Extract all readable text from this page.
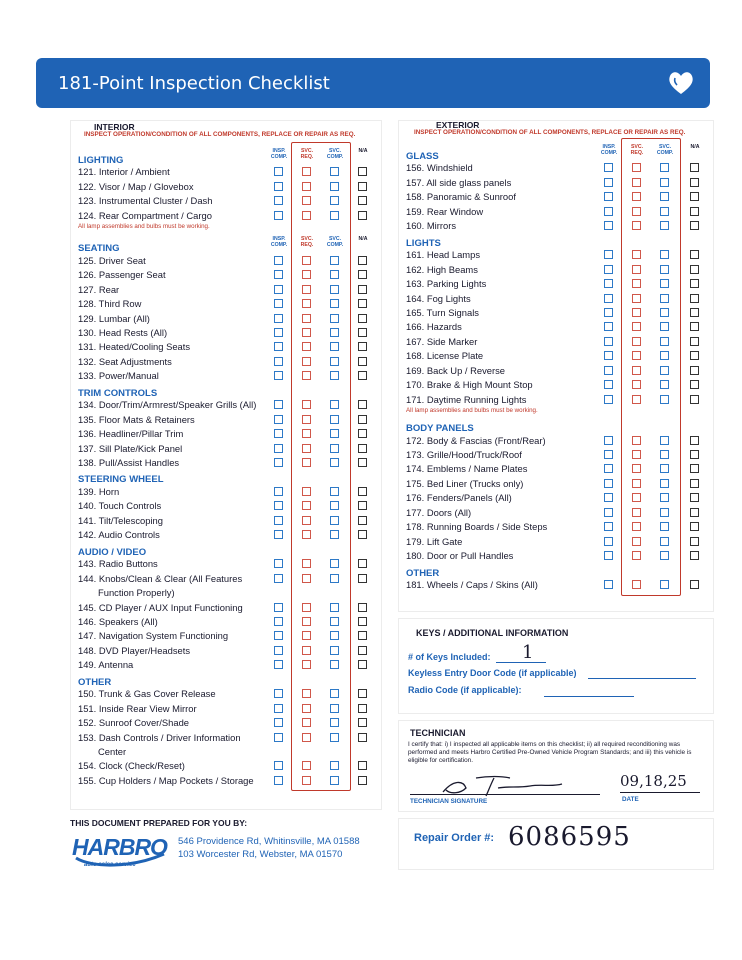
181-Point Inspection Checklist
INTERIOR
INSPECT OPERATION/CONDITION OF ALL COMPONENTS, REPLACE OR REPAIR AS REQ.
LIGHTING
INSP. COMP.
SVC. REQ.
SVC. COMP.
N/A
121. Interior / Ambient
122. Visor / Map / Glovebox
123. Instrumental Cluster / Dash
124. Rear Compartment / Cargo
All lamp assemblies and bulbs must be working.
SEATING
INSP. COMP.
SVC. REQ.
SVC. COMP.
N/A
125. Driver Seat
126. Passenger Seat
127. Rear
128. Third Row
129. Lumbar (All)
130. Head Rests (All)
131. Heated/Cooling Seats
132. Seat Adjustments
133. Power/Manual
TRIM CONTROLS
134. Door/Trim/Armrest/Speaker Grills (All)
135. Floor Mats & Retainers
136. Headliner/Pillar Trim
137. Sill Plate/Kick Panel
138. Pull/Assist Handles
STEERING WHEEL
139. Horn
140. Touch Controls
141. Tilt/Telescoping
142. Audio Controls
AUDIO / VIDEO
143. Radio Buttons
144. Knobs/Clean & Clear (All Features
Function Properly)
145. CD Player / AUX Input Functioning
146. Speakers (All)
147. Navigation System Functioning
148. DVD Player/Headsets
149. Antenna
OTHER
150. Trunk & Gas Cover Release
151. Inside Rear View Mirror
152. Sunroof Cover/Shade
153. Dash Controls / Driver Information
Center
154. Clock (Check/Reset)
155. Cup Holders / Map Pockets / Storage
EXTERIOR
INSPECT OPERATION/CONDITION OF ALL COMPONENTS, REPLACE OR REPAIR AS REQ.
GLASS
INSP. COMP.
SVC. REQ.
SVC. COMP.
N/A
156. Windshield
157. All side glass panels
158. Panoramic & Sunroof
159. Rear Window
160. Mirrors
LIGHTS
161. Head Lamps
162. High Beams
163. Parking Lights
164. Fog Lights
165. Turn Signals
166. Hazards
167. Side Marker
168. License Plate
169. Back Up / Reverse
170. Brake & High Mount Stop
171. Daytime Running Lights
All lamp assemblies and bulbs must be working.
BODY PANELS
172. Body & Fascias (Front/Rear)
173. Grille/Hood/Truck/Roof
174. Emblems / Name Plates
175. Bed Liner (Trucks only)
176. Fenders/Panels (All)
177. Doors (All)
178. Running Boards / Side Steps
179. Lift Gate
180. Door or Pull Handles
OTHER
181. Wheels / Caps / Skins (All)
KEYS / ADDITIONAL INFORMATION
# of Keys Included: 1
Keyless Entry Door Code (if applicable)
Radio Code (if applicable):
TECHNICIAN
I certify that: i) I inspected all applicable items on this checklist; ii) all required reconditioning was performed and meets Harbro Certified Pre-Owned Vehicle Program Standards; and iii) this vehicle is eligible for certification.
TECHNICIAN SIGNATURE
09,18,25
DATE
THIS DOCUMENT PREPARED FOR YOU BY:
HARBRO
auto sales service
546 Providence Rd, Whitinsville, MA 01588
103 Worcester Rd, Webster, MA 01570
Repair Order #: 6086595
